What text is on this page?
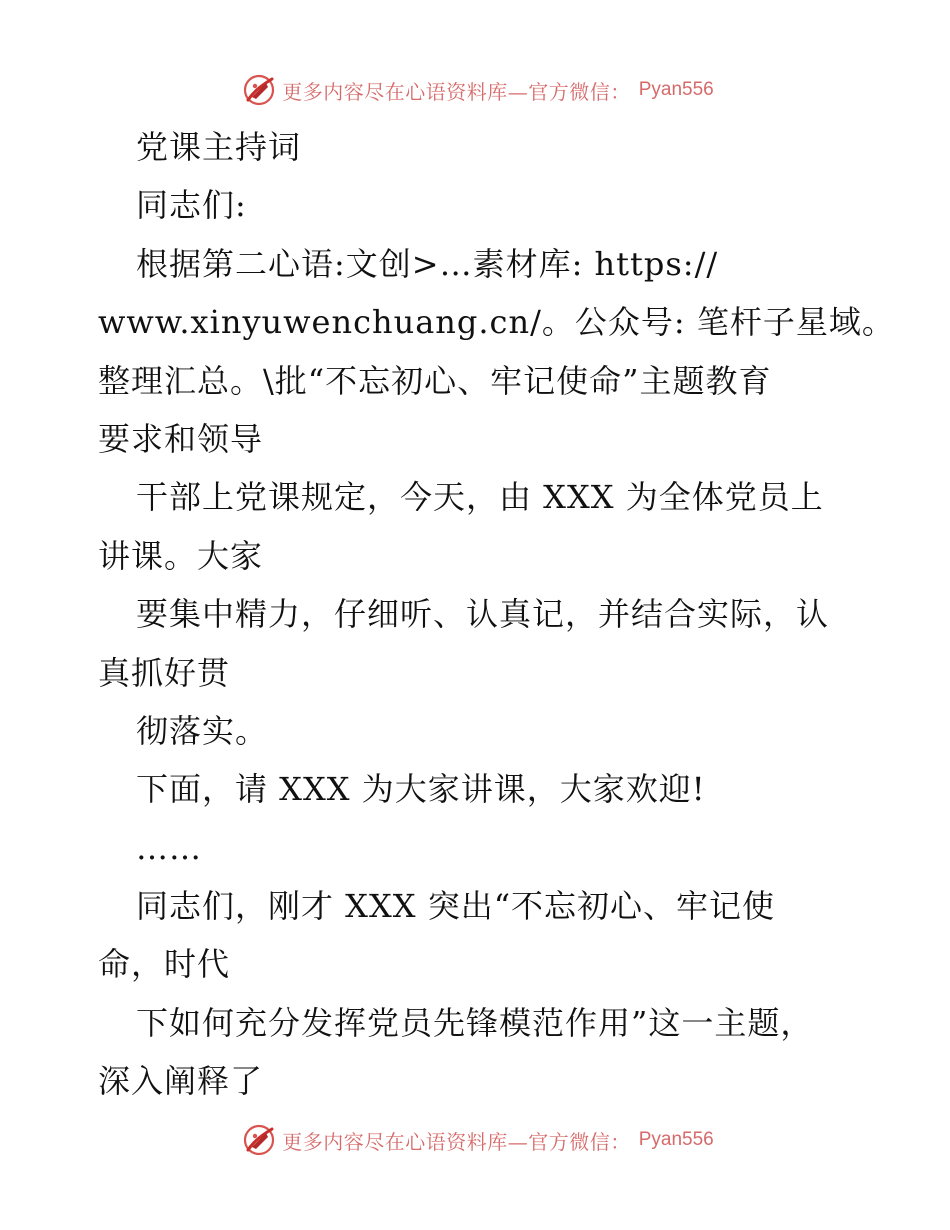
更多内容尽在心语资料库—官方微信： Pyan556
党课主持词
同志们:
根据第二心语:文创>…素材库: https://
www.xinyuwenchuang.cn/。公众号: 笔杆子星域。
整理汇总。\批“不忘初心、牢记使命”主题教育
要求和领导
干部上党课规定，今天，由 XXX 为全体党员上
讲课。大家
要集中精力，仔细听、认真记，并结合实际，认
真抓好贯
彻落实。
下面，请 XXX 为大家讲课，大家欢迎!
……
同志们，刚才 XXX 突出“不忘初心、牢记使
命，时代
下如何充分发挥党员先锋模范作用”这一主题，
深入阐释了
更多内容尽在心语资料库—官方微信： Pyan556
